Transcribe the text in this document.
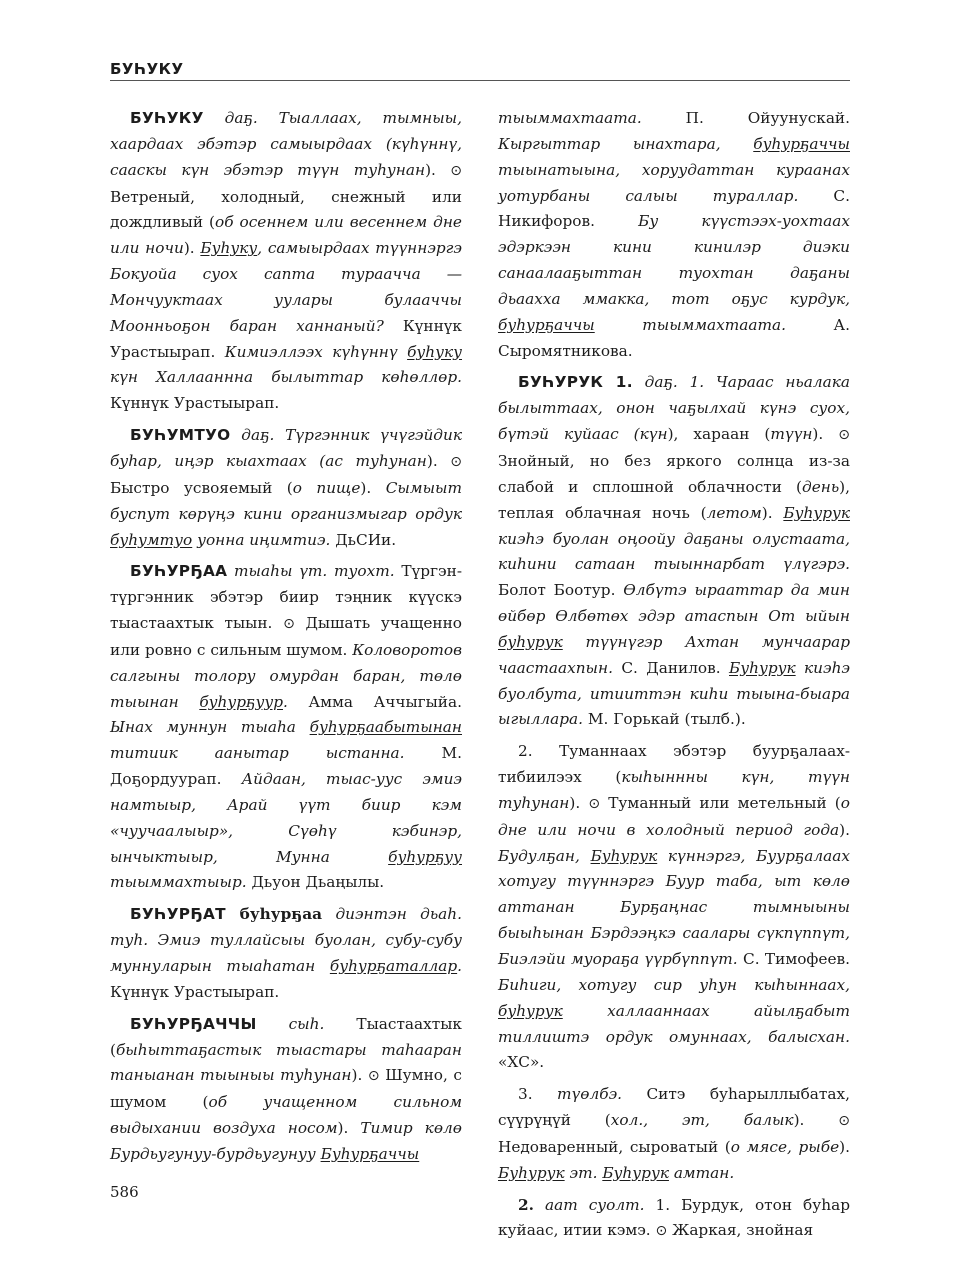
БУҺУКУ

БУҺУКУ даҕ. Тыаллаах, тымныы, хаардаах эбэтэр самыырдаах (күһүннү, сааскы күн эбэтэр түүн туһунан). ⊙ Ветреный, холодный, снежный или дождливый (об осеннем или весеннем дне или ночи). Буһуку, самыырдаах түүннэргэ Бокуойа суох сапта тураачча — Мончууктаах уулары булааччы Моонньоҕон баран ханнаный? Күннүк Урастыырап. Кимиэллээх күһүннү буһуку күн Халлааннна былыттар көһөллөр. Күннүк Урастыырап.

БУҺУМТУО даҕ. Түргэнник үчүгэйдик буһар, иңэр кыахтаах (ас туһунан). ⊙ Быстро усвояемый (о пище). Сымыыт буспут көрүңэ кини организмыгар ордук буһумтуо уонна иңимтиэ. ДьСИи.

БУҺУРҔАА тыаһы үт. туохт. Түргэн-түргэнник эбэтэр биир тэңник күүскэ тыастаахтык тыын. ⊙ Дышать учащенно или ровно с сильным шумом. Коловоротов салгыны толору омурдан баран, төлө тыынан буһурҕуур. Амма Аччыгыйа. Ынах муннун тыаһа буһурҕаабытынан титиик аанытар ыстанна. М. Доҕордуурап. Айдаан, тыас-уус эмиэ намтыыр, Арай үүт биир кэм «чуучаалыыр», Сүөһү кэбинэр, ынчыктыыр, Мунна буһурҕуу тыыммахтыыр. Дьуон Дьаңылы.

БУҺУРҔАТ буһурҕаа диэнтэн дьаһ. туһ. Эмиэ туллайсыы буолан, субу-субу муннуларын тыаһатан буһурҕаталлар. Күннүк Урастыырап.

БУҺУРҔАЧЧЫ сыһ. Тыастаахтык (быһыттаҕастык тыастары таһааран таныанан тыыныы туһунан). ⊙ Шумно, с шумом (об учащенном сильном выдыхании воздуха носом). Тимир көлө Бурдьугунуу-бурдьугунуу Буһурҕаччы

тыыммахтаата. П. Ойуунускай. Кыргыттар ынахтара, буһурҕаччы тыынатыына, хоруудаттан кураанах уотурбаны салыы тураллар. С. Никифоров. Бу күүстээх-уохтаах эдэркээн кини кинилэр диэки санаалааҕыттан туохтан даҕаны дьаахха ммакка, тот оҕус курдук, буһурҕаччы тыыммахтаата. А. Сыромятникова.

БУҺУРУК 1. даҕ. 1. Чараас ньалака былыттаах, онон чаҕылхай күнэ суох, бүтэй куйаас (күн), хараан (түүн). ⊙ Знойный, но без яркого солнца из-за слабой и сплошной облачности (день), теплая облачная ночь (летом). Буһурук киэһэ буолан оңоойу даҕаны олустаата, киһини сатаан тыыннарбат үлүгэрэ. Болот Боотур. Өлбүтэ ырааттар да мин өйбөр Өлбөтөх эдэр атаспын От ыйын буһурук түүнүгэр Ахтан мунчаарар чаастаахпын. С. Данилов. Буһурук киэһэ буолбута, итииттэн киһи тыына-быара ыгыллара. М. Горькай (тылб.).

2. Туманнаах эбэтэр буурҕалаах-тибиилээх (кыһыннны күн, түүн туһунан). ⊙ Туманный или метельный (о дне или ночи в холодный период года). Будулҕан, Буһурук күннэргэ, Буурҕалаах хотугу түүннэргэ Буур таба, ыт көлө аттанан Бурҕаңнас тымныыны быыһынан Бэрдээңкэ саалары сүкпүппүт, Биэлэйи муораҕа үүрбүппүт. С. Тимофеев. Биһиги, хотугу сир уһун кыһыннаах, буһурук халлааннаах айылҕабыт тиллиштэ ордук омуннаах, балысхан. «ХС».

3. түөлбэ. Ситэ буһарыллыбатах, сүүрүңүй (хол., эт, балык). ⊙ Недоваренный, сыроватый (о мясе, рыбе). Буһурук эт. Буһурук амтан.

2. аат суолт. 1. Бурдук, отон буһар куйаас, итии кэмэ. ⊙ Жаркая, знойная

586
